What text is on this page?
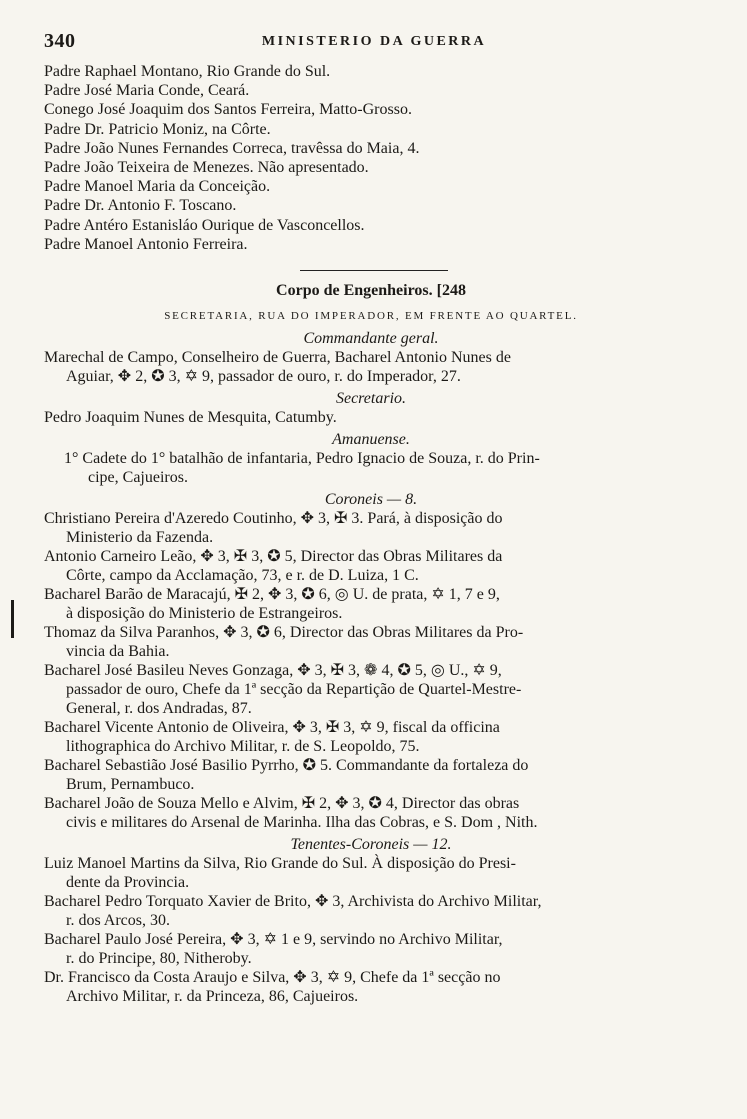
340	MINISTERIO DA GUERRA
Padre Raphael Montano, Rio Grande do Sul.
Padre José Maria Conde, Ceará.
Conego José Joaquim dos Santos Ferreira, Matto-Grosso.
Padre Dr. Patricio Moniz, na Côrte.
Padre João Nunes Fernandes Correca, travêssa do Maia, 4.
Padre João Teixeira de Menezes. Não apresentado.
Padre Manoel Maria da Conceição.
Padre Dr. Antonio F. Toscano.
Padre Antéro Estanisláo Ourique de Vasconcellos.
Padre Manoel Antonio Ferreira.
Corpo de Engenheiros. [248
SECRETARIA, RUA DO IMPERADOR, EM FRENTE AO QUARTEL.
Commandante geral.
Marechal de Campo, Conselheiro de Guerra, Bacharel Antonio Nunes de
Aguiar, ✥ 2, ✪ 3, ✡ 9, passador de ouro, r. do Imperador, 27.
Secretario.
Pedro Joaquim Nunes de Mesquita, Catumby.
Amanuense.
1° Cadete do 1° batalhão de infantaria, Pedro Ignacio de Souza, r. do Prin-
cipe, Cajueiros.
Coroneis — 8.
Christiano Pereira d'Azeredo Coutinho, ✥ 3, ✠ 3. Pará, à disposição do
Ministerio da Fazenda.
Antonio Carneiro Leão, ✥ 3, ✠ 3, ✪ 5, Director das Obras Militares da
Côrte, campo da Acclamação, 73, e r. de D. Luiza, 1 C.
Bacharel Barão de Maracajú, ✠ 2, ✥ 3, ✪ 6, ◎ U. de prata, ✡ 1, 7 e 9,
à disposição do Ministerio de Estrangeiros.
Thomaz da Silva Paranhos, ✥ 3, ✪ 6, Director das Obras Militares da Pro-
vincia da Bahia.
Bacharel José Basileu Neves Gonzaga, ✥ 3, ✠ 3, ❁ 4, ✪ 5, ◎ U., ✡ 9,
passador de ouro, Chefe da 1ª secção da Repartição de Quartel-Mestre-
General, r. dos Andradas, 87.
Bacharel Vicente Antonio de Oliveira, ✥ 3, ✠ 3, ✡ 9, fiscal da officina
lithographica do Archivo Militar, r. de S. Leopoldo, 75.
Bacharel Sebastião José Basilio Pyrrho, ✪ 5. Commandante da fortaleza do
Brum, Pernambuco.
Bacharel João de Souza Mello e Alvim, ✠ 2, ✥ 3, ✪ 4, Director das obras
civis e militares do Arsenal de Marinha. Ilha das Cobras, e S. Dom , Nith.
Tenentes-Coroneis — 12.
Luiz Manoel Martins da Silva, Rio Grande do Sul. À disposição do Presi-
dente da Provincia.
Bacharel Pedro Torquato Xavier de Brito, ✥ 3, Archivista do Archivo Militar,
r. dos Arcos, 30.
Bacharel Paulo José Pereira, ✥ 3, ✡ 1 e 9, servindo no Archivo Militar,
r. do Principe, 80, Nitheroby.
Dr. Francisco da Costa Araujo e Silva, ✥ 3, ✡ 9, Chefe da 1ª secção no
Archivo Militar, r. da Princeza, 86, Cajueiros.
